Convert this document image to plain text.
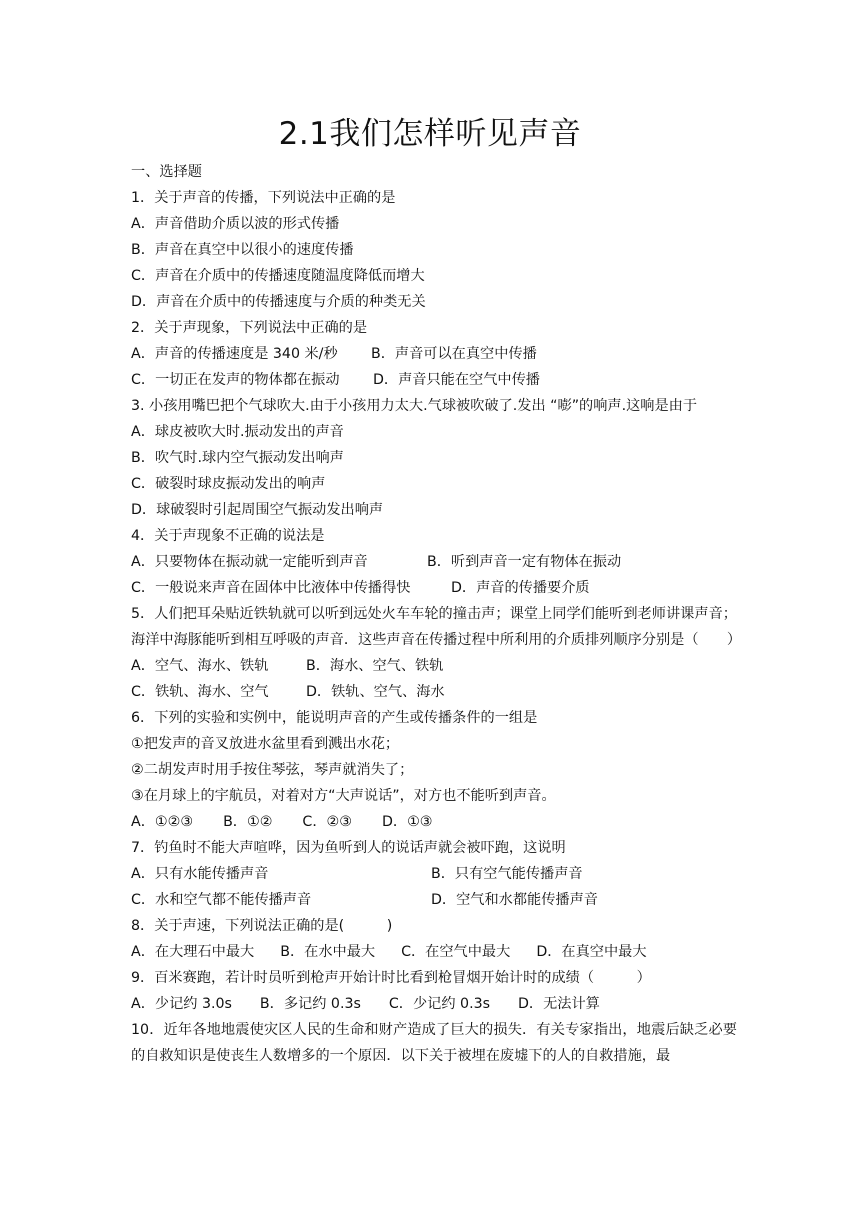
2.1我们怎样听见声音
一、选择题
1．关于声音的传播，下列说法中正确的是
A．声音借助介质以波的形式传播
B．声音在真空中以很小的速度传播
C．声音在介质中的传播速度随温度降低而增大
D．声音在介质中的传播速度与介质的种类无关
2．关于声现象，下列说法中正确的是
A．声音的传播速度是 340 米/秒	B．声音可以在真空中传播
C．一切正在发声的物体都在振动	D．声音只能在空气中传播
3. 小孩用嘴巴把个气球吹大.由于小孩用力太大.气球被吹破了.发出 “嘭”的响声.这响是由于
A．球皮被吹大时.振动发出的声音
B．吹气时.球内空气振动发出响声
C．破裂时球皮振动发出的响声
D．球破裂时引起周围空气振动发出响声
4．关于声现象不正确的说法是
A．只要物体在振动就一定能听到声音	B．听到声音一定有物体在振动
C．一般说来声音在固体中比液体中传播得快	D．声音的传播要介质
5．人们把耳朵贴近铁轨就可以听到远处火车车轮的撞击声；课堂上同学们能听到老师讲课声音；海洋中海豚能听到相互呼吸的声音．这些声音在传播过程中所利用的介质排列顺序分别是（　　）
A．空气、海水、铁轨	B．海水、空气、铁轨
C．铁轨、海水、空气	D．铁轨、空气、海水
6．下列的实验和实例中，能说明声音的产生或传播条件的一组是
①把发声的音叉放进水盆里看到溅出水花；
②二胡发声时用手按住琴弦，琴声就消失了；
③在月球上的宇航员，对着对方“大声说话”，对方也不能听到声音。
A．①②③ B．①② C．②③ D．①③
7．钓鱼时不能大声喧哗，因为鱼听到人的说话声就会被吓跑，这说明
A．只有水能传播声音	B．只有空气能传播声音
C．水和空气都不能传播声音	D．空气和水都能传播声音
8．关于声速，下列说法正确的是(　　　)
A．在大理石中最大 B．在水中最大 C．在空气中最大 D．在真空中最大
9．百米赛跑，若计时员听到枪声开始计时比看到枪冒烟开始计时的成绩（　　　）
A．少记约 3.0s B．多记约 0.3s C．少记约 0.3s D．无法计算
10．近年各地地震使灾区人民的生命和财产造成了巨大的损失．有关专家指出，地震后缺乏必要的自救知识是使丧生人数增多的一个原因．以下关于被埋在废墟下的人的自救措施，最
